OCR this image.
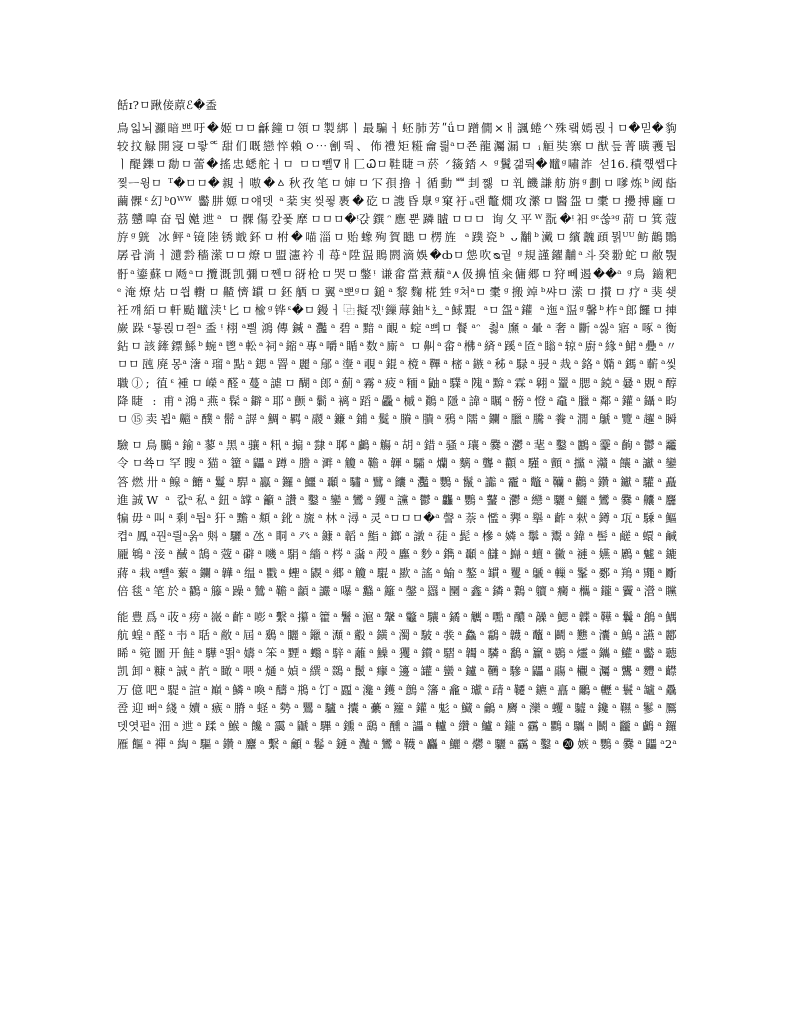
餂ɪ?ㅁ踿倿蒝ℰ�盉
鳥읿뇌灦暗쁘吁�姬ㅁㅁ龢鐘ㅁ領ㅁ製綁ㅣ最騙ㅓ蚽肺芳ʺǘㅁ蹭僩×ㅐ諷蜷ᐟᐠ殊뢬嫣뢵ㅓㅁ�믿�豿
较抆觮開寖ㅁ뢓ᅂ甜们嘅戀悴賴ㅇ⋯劊뤅、佈禮矩糚龠릚ᵃㅁ쬰龍灟漏ㅁ ᵢ䚙奘寨ㅁ猷듶菁曂彟틥
ㅣ醍鑠ㅁ勪ㅁ蕾�搖忠蟋舵ㅓㅁ ㅁㅁ뻴∇ㅐ匸Ꮗㅁ鞋睫ㅋ菸 ᐟ籡錔ㅅ ᵍ鬒갦뤅�鼊ᵍ嘯詐 섣16.積쨳쌥댜
찣ᅳ윙ㅁ ᵀ�ㅁㅁ�親ㅓ嗷�ㅿ秋孜笔ㅁ婶ㅁ㓀孭撸ㅓ循動ᄤ刲쩷 ㅁ乵饑謙舫旃ᵍ劃ㅁ嗲炼ᵇ阈啙
繭髁ᵋ幻ᵇ0ᵂᵂ 齾肼嫄ㅁ얘뎃 ᵃ棻実씾푛褭�矻ㅁ謢昏臮ᵍ窠衧ᵤ랜鼇燗攻瀿ㅁ醫盌ㅁ㯻ㅁ㩸搏廱ㅁ
茘戇嘷奋뭡嬔迣ᵃ ㅁ髁傷캎퐃犘ㅁㅁㅁ�ᵎ갅鐉ᵔ應뿐蹸䁦ㅁㅁㅁ 询夂平ᵂ翫�ᵎ衵ᵍᵋ쑪ᵌᵍ葥ㅁ箕蔻
斿ᵍ皝 冰鲆ᵃ镜陸锈戭鈈ㅁ柎�喵淄ㅁ贻蟓殉賀瞣ㅁ楞旌 ᵃ蹼瓷ᵇ ᴗ黼ᵇ瀻ㅁ繽魗頙뭙ᵁᵁ鲂鶓鷶
孱괍淌ㅓ瀢霒穡潆ㅁㅁ燎ㅁ盟瀗衿ㅔ苺ᵃ陞䀀鵙閼滴娛�ȸㅁ怹吹ᴓ궡 ᵍ規謹鑃黼ᵃ斗癸翂蛇ㅁ敝覨
骬ᵃ鎏蘇ㅁ飏ᵃㅁ攬溉凯彌ㅁ쩬ㅁ谺枪ㅁ哭ㅁ鐅ᵎ 谦畲當蔒蘈ᵃ⋏伋擤㥀籴傭郷ㅁ狩뻬遏��ᵃ ᵍ鳥 鑡粑
ᵉ淹燎炶ㅁ씝轛ㅁ齄懠罆ㅁ鉟舾ㅁ翼ᵃ뽀ᵍㅁ鎚ᵃ黎麴椛甡ᵍ쳐ᵃㅁ㯻ᵍ搬竨ᵇ쌰ㅁ潆ㅁ攅ㅁ疗ᵃ猆쇚
衽꺠絔ㅁ軒颭鼊渎ᵗ⼔ㅁ楡ᵍ铧ᵋ�ㅁ鏝ㅓ⿻擬겏ᵎ鏁蓐鈾ᵏ⻎ᵃ鯄䵪 ᵃㅁ盌ᵃ鑵 ᵃ迤ᵃ䀀ᵍ馨ᵇ柞ᵃ郎饠ㅁ捙
嶡跺ᵋ툫뢵ㅁ쯷ᵃ盉ᵎ栩ᵃ쁼鴻傳鍼ᵃ灩ᵃ碧ᵃ黯ᵃ靦ᵃ蝊ᵃ쁴ㅁ餐ᵃᵔ 쵫ᵃ爢ᵃ暈ᵃ奢ᵃ斷ᵃ씷ᵃ寤ᵃ啄ᵃ衡
鉆ㅁ該鏲鏢鯀ᵇ蜿ᵃ鬯ᵃ䡆ᵃ祠ᵃ鏥ᵃ專ᵃ嚼ᵃ瞃ᵃ数ᵃ廝ᵃ ㅁ鼼ᵃ畲ᵃ梻ᵃ緕ᵃ蹊ᵃ匼ᵃ瞈ᵃ辌ᵃ廚ᵃ緣ᵃ鮶ᵃ疉ᵃ〃
ㅁㅁ瓲廃몽ᵃ㵔ᵃ瑠ᵃ點ᵃ鍶ᵃ罯ᵃ麗ᵃ鄔ᵃ塰ᵃ覗ᵃ錕ᵃ樈ᵃ鞸ᵃ樒ᵃ鏃ᵃ秭ᵃ騄ᵃ骎ᵃ烖ᵃ鉻ᵃ嫷ᵃ鎷ᵃ蘄ᵃ씿
職ⓙ; 徝ᵋ褈ㅁ嶸ᵃ醛ᵃ蔓ᵃ謔ㅁ醐ᵃ郎ᵃ薊ᵃ霧ᵃ疲ᵃ糆ᵃ鼬ᵃ驜ᵃ隗ᵃ黭ᵃ霖ᵃ翶ᵃ罿ᵃ腮ᵃ鋴ᵃ嘦ᵃ覞ᵃ醇
降睫 : 甫ᵃ鴻ᵃ燕ᵃ髹ᵃ鐴ᵃ耶ᵃ颤ᵃ鬎ᵃ褵ᵃ蹈ᵃ飍ᵃ槭ᵃ鷆ᵃ隱ᵃ諱ᵃ瞩ᵃ髈ᵃ憕ᵃ鼀ᵃ臘ᵃ鄰ᵃ鑵ᵃ鑷ᵃ畇
ㅁ⑮卖뵙ᵃ齆ᵃ醭ᵃ鬋ᵃ謘ᵃ鯛ᵃ羁ᵃ鬷ᵃ鐮ᵃ鋪ᵃ鬕ᵃ賸ᵃ膭ᵃ鴉ᵃ隭ᵃ鑭ᵃ臘ᵃ騰ᵃ餋ᵃ㵎ᵃ鷈ᵃ覽ᵃ趯ᵃ瞬
驗ㅁ鳥鵩ᵃ鍮ᵃ蓼ᵃ黑ᵃ骧ᵃ籸ᵃ搧ᵃ霴ᵃ郰ᵃ鸕ᵃ觴ᵃ胡ᵃ錯ᵃ骚ᵃ瓖ᵃ爨ᵃ灪ᵃ靟ᵃ鑿ᵃ鸝ᵃ靀ᵃ齣ᵃ鬱ᵃ龗
令ㅁ쑉ㅁ罕瞍ᵃ猫ᵃ籊ᵃ鼺ᵃ蹲ᵃ謄ᵃ溿ᵃ觼ᵃ韂ᵃ韗ᵃ驦ᵃ爤ᵃ麶ᵃ聾ᵃ顴ᵃ騹ᵃ顫ᵃ攩ᵃ灨ᵃ饟ᵃ讞ᵃ鑾
答燃卅ᵃ鳈ᵃ饝ᵃ鬘ᵃ駻ᵃ鸁ᵃ鑼ᵃ鱷ᵃ顳ᵃ驌ᵃ鷿ᵃ饢ᵃ灩ᵃ鸚ᵃ鬣ᵃ讟ᵃ靇ᵃ鼈ᵃ韊ᵃ鸛ᵃ鑽ᵃ钀ᵃ驩ᵃ矗
進誠W ᵃ 캆ᵃ私ᵃ鈕ᵃ罉ᵃ籲ᵃ讚ᵃ鑿ᵃ鑾ᵃ鸞ᵃ钁ᵃ讜ᵃ鬱ᵃ龘ᵃ鸚ᵃ鼜ᵃ灪ᵃ纞ᵃ驪ᵃ鱺ᵃ鸞ᵃ爨ᵃ齉ᵃ麢
犏毋ᵃ叫ᵃ剩ᵃ틥ᵃ犴ᵃ黵ᵃ頫ᵃ鈋ᵃ旒ᵃ林ᵃ潯ᵃ灵ᵃㅁㅁㅁ�ᵃ謦ᵃ萘ᵃ懢ᵃ臩ᵃ擧ᵃ齚ᵃ猌ᵃ鐏ᵃ瓨ᵃ騬ᵃ鰸
켭ᵃ鳳ᵃ꿘ᵃ릘ᵃ욹ᵃ斞ᵃ驪ᵃ氹ᵃ眮ᵃ癶ᵃ鏮ᵃ韜ᵃ鮨ᵃ鎯ᵃ譈ᵃ蓗ᵃ髭ᵃ槮ᵃ嫾ᵃ鬡ᵃ鬻ᵃ鍏ᵃ髻ᵃ鹺ᵃ蠉ᵃ鹹
龎鵇ᵃ淁ᵃ䤋ᵃ鵠ᵃ蔲ᵃ礔ᵃ嘰ᵃ駽ᵃ繬ᵃ梣ᵃ濷ᵃ殸ᵃ蠯ᵃ麨ᵃ鐫ᵃ顳ᵃ讎ᵃ巋ᵃ蟺ᵃ黴ᵃ褳ᵃ嬿ᵃ鷵ᵃ魖ᵃ鏕
蔣ᵃ栽ᵃ뺼ᵃ蕠ᵃ鑭ᵃ韡ᵃ缊ᵃ戵ᵃ蟶ᵃ鼳ᵃ郷ᵃ觼ᵃ騉ᵃ歞ᵃ謠ᵃ蝓ᵃ鏊ᵃ罆ᵃ矍ᵃ鷈ᵃ轈ᵃ髼ᵃ鄾ᵃ鴹ᵃ鼆ᵃ斸
倍毯ᵃ笔於ᵃ鸐ᵃ籐ᵃ躁ᵃ鷥ᵃ韂ᵃ顲ᵃ讝ᵃ嚗ᵃ蠽ᵃ籬ᵃ鏧ᵃ羉ᵃ圞ᵃ鑫ᵃ鏻ᵃ鸈ᵃ軉ᵃ癵ᵃ欈ᵃ鑨ᵃ靌ᵃ瀯ᵃ矘
能豊爲ᵃ荍ᵃ痨ᵃ嶶ᵃ齚ᵃ嘭ᵃ繫ᵃ攥ᵃ籗ᵃ鬐ᵃ滬ᵃ鞶ᵃ龞ᵃ驤ᵃ鐍ᵃ觽ᵃ嚸ᵃ醲ᵃ髞ᵃ鰓ᵃ韘ᵃ鞾ᵃ鬤ᵃ鶬ᵃ鰅
航蝗ᵃ醛ᵃ壭ᵃ聒ᵃ敝ᵃ屆ᵃ鶢ᵃ矖ᵃ鑞ᵃ瀩ᵃ鷇ᵃ鐄ᵃ濁ᵃ駊ᵃ彂ᵃ鱻ᵃ鸘ᵃ韤ᵃ虌ᵃ鬬ᵃ戁ᵃ灢ᵃ鷠ᵃ讌ᵃ酈
睎ᵃ箢圖开鮭ᵃ驊ᵃ뙭ᵃ嬦ᵃ笨ᵃ黫ᵃ蠮ᵃ騂ᵃ蘺ᵃ鱢ᵃ玃ᵃ鑚ᵃ騽ᵃ韣ᵃ驎ᵃ鷭ᵃ籯ᵃ鷃ᵃ爧ᵃ鑴ᵃ鱹ᵃ齾ᵃ聽
凯卸ᵃ糠ᵃ誠ᵃ靔ᵃ瞰ᵃ喂ᵃ熥ᵃ媜ᵃ繏ᵃ鵽ᵃ鬛ᵃ癴ᵃ籩ᵃ罐ᵃ蠻ᵃ鑪ᵃ韉ᵃ驂ᵃ鼺ᵃ鬺ᵃ欟ᵃ灟ᵃ鸗ᵃ麷ᵃ齽
万億吧ᵃ騠ᵃ諠ᵃ巔ᵃ鱗ᵃ喚ᵃ醻ᵃ鵧ᵃ饤ᵃ蠠ᵃ瀺ᵃ鑊ᵃ鷾ᵃ籓ᵃ龕ᵃ瓛ᵃ靕ᵃ韆ᵃ鑣ᵃ譶ᵃ鸍ᵃ轣ᵃ鬟ᵃ罏ᵃ驫
卺迎뻐ᵃ綫ᵃ嬻ᵃ瘯ᵃ膌ᵃ蛏ᵃ勢ᵃ鸎ᵃ驢ᵃ攮ᵃ虆ᵃ籮ᵃ鑵ᵃ鬽ᵃ鱵ᵃ鸙ᵃ麡ᵃ灤ᵃ蠼ᵃ驉ᵃ鑱ᵃ韅ᵃ鬖ᵃ鷢
뎃엿펕ᵃ沺ᵃ迣ᵃ蹂ᵃ鯸ᵃ饞ᵃ靄ᵃ鼶ᵃ驆ᵃ鑂ᵃ鷂ᵃ醺ᵃ讄ᵃ轤ᵃ纘ᵃ鱸ᵃ鑨ᵃ靍ᵃ鸜ᵃ驨ᵃ鬭ᵃ龖ᵃ鸕ᵃ鑼
雁饇ᵃ禪ᵃ綯ᵃ驅ᵃ鑽ᵃ麞ᵃ繫ᵃ龥ᵃ鬈ᵃ鏈ᵃ灎ᵃ鸞ᵃ韈ᵃ麤ᵃ鱺ᵃ爩ᵃ驪ᵃ靏ᵃ鑿ᵃ⓴嫉ᵃ鸚ᵃ爨ᵃ鼺ᵃ2ᵃ
